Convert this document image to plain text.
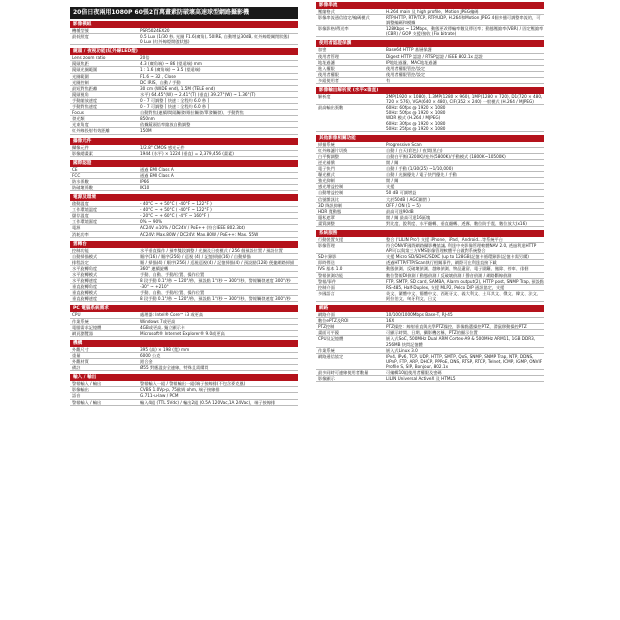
20倍日夜兩用1080P 60張2百萬畫素防破壞高速球型網路攝影機
影像模組
機種型號	PSR5024EX20
最低照度	0.5 Lux (1/30 秒, 光圈 F1.6(廣角), 50IRE, 自動增益30dB, 紅外線燈關閉狀態)
0 Lux (紅外線燈開啟狀態)
鏡頭 / 夜視功能(紅外線LED燈)
Lens zoom ratio	20倍
鏡頭焦距	4.3 (廣角端) ~ 86 (望遠端) mm
鏡頭光圈範圍	1 : 1.6 (廣角端) ~ 3.5 (望遠端)
光圈範圍	F1.6 ~ 32 , Close
光圈控制	DC IRIS，自動 / 手動
最短對焦距離	30 cm (WIDE end), 1.5M (TELE end)
鏡頭視角	水平) 64.45°(W) ~ 2.41°(T) (垂直) 39.27°(W) ~ 1.36°(T)
手動縮放速度	0 - 7 可調整 [ 快速 : 全程約 6.0 秒 ]
手動對焦速度	0 - 7 可調整 [ 快速 : 全程約 6.0 秒 ]
Focus	自動對焦(連續/間隔觸發/維拉觸發/單發觸發)、手動對焦
發光類	850nm
光束角度	依據鏡頭倍率縮放自動調整
紅外線投射有效距離	150M
攝像元件
攝像元件	1/2.8" CMOS 感光元件
影像總畫素	1944 (水平) × 1224 (垂直) = 2,379,456 (畫素)
國際認證
CE	通過 EMI Class A
FCC	通過 EMI Class A
防水係數	IP66
防破壞係數	IK10
電源及環境
啟動溫度	- 40°C ~ + 50°C ( -40°F ~ 122°F )
工作環境溫度	- 40°C ~ + 50°C ( -40°F ~ 122°F )
儲存溫度	- 20°C ~ + 60°C ( -4°F ~ 160°F )
工作環境濕度	0% ~ 90%
電源	AC24V ±10% / DC24V / PoE++ (符合IEEE 802.3bt)
消耗功率	AC24V: Max.80W / DC24V: Max.80W / PoE++: Max. 55W
雲轉台
控制功能	水平垂直操作 / 預率雙段調整 / 光圈及日夜模式 / 256 個預設位置 / 預設位置
自動掃描模式	順序(16) / 順序(256) / 巡視 (4) / 記憶掃描(16) / 自動掃描
排程設定	順 / 掃描(4) / 順序(256) / 巡視巡視(4) / 記憶掃描(4) / 預設點(128) 便捷網路掃描
水平旋轉角度	360° 連續旋轉
水平旋轉模式	手動、自動、手動/位置、操作位置
水平旋轉速度	8 段手動 0.1°/秒 ~ 120°/秒，預設點 1°/秒 ~ 300°/秒，警報觸發速度 300°/秒
垂直旋轉角度	-30° ~ +210°
垂直旋轉模式	手動、自動、手動/位置、操作位置
垂直旋轉速度	8 段手動 0.1°/秒 ~ 120°/秒，預設點 1°/秒 ~ 300°/秒，警報觸發速度 300°/秒
PC 電腦系統需求
CPU	處理器: Intel® Core™ i3 或更高
作業系統	Windows 7或更高
電腦需求記憶體	4GB或更高, 獨立顯示卡
網頁瀏覽器	Microsoft® Internet Explorer® 9.0或更高
機構
外觀尺寸	395 (高) × 198 (寬) mm
重量	6000 公克
外觀材質	鋁合金
備註	Ø55 對應溫安全連線，特殊且需購買
輸入 / 輸出
警報輸入 / 輸出	警報輸入一組 / 警報輸出一組(端子接線排(不包含麥克風)
影像輸出	CVBS 1.0Vp-p, 75歐姆 ohm, 端子接線排
語音	G.711-u-law / PCM
警報輸入 / 輸出	輸入4組 (TTL 5Vdc) / 輸出2組 (0.5A 120Vac,1A 24Vac)，端子接線排
影像串流
壓縮格式	H.264 main 及 high profile、Motion JPEG編碼
影像串流通信協定/編碼模式	RTP/HTTP, RTP/TCP, RTP/UDP, H.264和Motion JPEG 4個多播可調整串流的，可調整編碼和模據
影像影格/傳送率	128Kbps ~ 12Mbps，動態更改傳輸率數及傳送率；動態壓縮率(VBR) / 固定壓縮率(CBR) / GOP 支援/接收 (Fix bitrate)
使用者認證保護
加密	Base64 HTTP 基層保護
使用者管理	Digest HTTP 認證 / RTSP認證 / IEEE 802.1x 認證
地址過濾	IP地址過濾、MAC地址過濾
進入權限	使用者權限管控/設定
使用者權限	使用者權限管控/設定
多組使用者	有
影像輸出解析度 (水平x垂直)
解析度	2MP(1920 × 1080), 1.3MP(1280 × 960), 1MP(1280 × 720), D1(720 × 480, 720 × 576), VGA(640 × 480), CIF(352 × 240) 一般模式 (H.264 / MJPEG)
最高輸出張數	60Hz: 60fps @ 1920 × 1080
50Hz: 50fps @ 1920 × 1080
WDR 模式 (H.264 / MJPEG)
60Hz: 30fps @ 1920 × 1080
50Hz: 25fps @ 1920 × 1080
其他影像相關功能
掃描系統	Progressive Scan
紅外線濾片切換	自動 / 白天(彩色) / 夜間(黑白)
白平衡調整	自動白平衡(3200K)/室外(5800K)/手動模式 (1800K~10500K)
逆光補償	開 / 關
電子快門	自動 / 手動 (1/30(25) ~1/10,000)
曝光模式	自動 / 光圈優先 / 電子快門優先 / 手動
強光抑制	開 / 關
感光增益控制	支援
自動增益控制	50 dB 可調增益
信號雜訊比	大於50dB ( AGC關閉 )
3D 降訊抑制	OFF / ON (1 ~ 5)
HDR 寬動態	最高可達90dB
隱私遮罩	開 / 關 最高可達16區塊
畫質調整	對比度、銳利度、水平翻轉、垂直翻轉、透霧、數位防手震、數位放大(x16)
系統服務
行動裝置支援	整合 ('LILIN Pro') 支援 iPhone、iPad、Android...等系統平台
影像管理	符合ONVIF國際網路攝影機協議, 利達中央影像管理軟體NAV 2.0, 透過利達HTTP API可以與第三方VMS影像管理軟體平台做對系統整合
SD卡錄影	支援 Micro SD/SDHC/SDXC (up to 128GB)記憶卡循環錄影(記憶卡需另購)
即時傳送	透過HTTP/FTP/Scan執行相關事件，網際可在利達直接下載
IVS 基本 1.0	動態偵測、反破壞偵測、越線偵測、物品遺留、電子圍籬、撤除、停車、徘徊
警報偵測功能	數位警報DI偵測 / 動態偵測 / 反破壞偵測 / 聲音偵測 / 網路斷線偵測
警報/事件	FTP, SMTP, SD card, SAMBA, Alarm output(2), HTTP post, SNMP Trap, 預設點
控制介面	RS-485, Half-Duplex, 支援 MLP2, Pelco D/P 通訊協定，支援
多國語言	英文、繁體中文、簡體中文、西班牙文、義大利文、土耳其文、俄文、韓文、法文、阿拉伯文、匈牙利文、日文
網路
網路介面	10/100/1000Mbps Base-T, RJ-45
數位ePTZ及ROI	16X
PTZ控制	PTZ操控：線射垂直與光學PTZ操控，影像點選操控PTZ，滑鼠移動操控PTZ
畫面可平鏡	可顯示時間、日期，攝影機名稱，PTZ的顯示位置
CPU及記憶體	嵌入式SoC, 500MHz Dual ARM Cortex-A9 & 500MHz ARM11, 1GB DDR3, 256MB 快閃記憶體
作業系統	嵌入式Linux 3.0
網路通信協定	IPv4, IPv6, TCP, UDP, HTTP, SMTP, QoS, SNMP, SNMP Trap, NTP, DDNS, UPnP, FTP, ARP, DHCP, PPPoE, DNS, RTSP, RTCP, Telnet, ICMP, IGMP, ONVIF Profile S, SIP, Bonjour, 802.1x
最多同時可連線使用者數量	可編輯10組使用者權限及密碼
影像顯示	LILIN Universal ActiveX 及 HTML5
